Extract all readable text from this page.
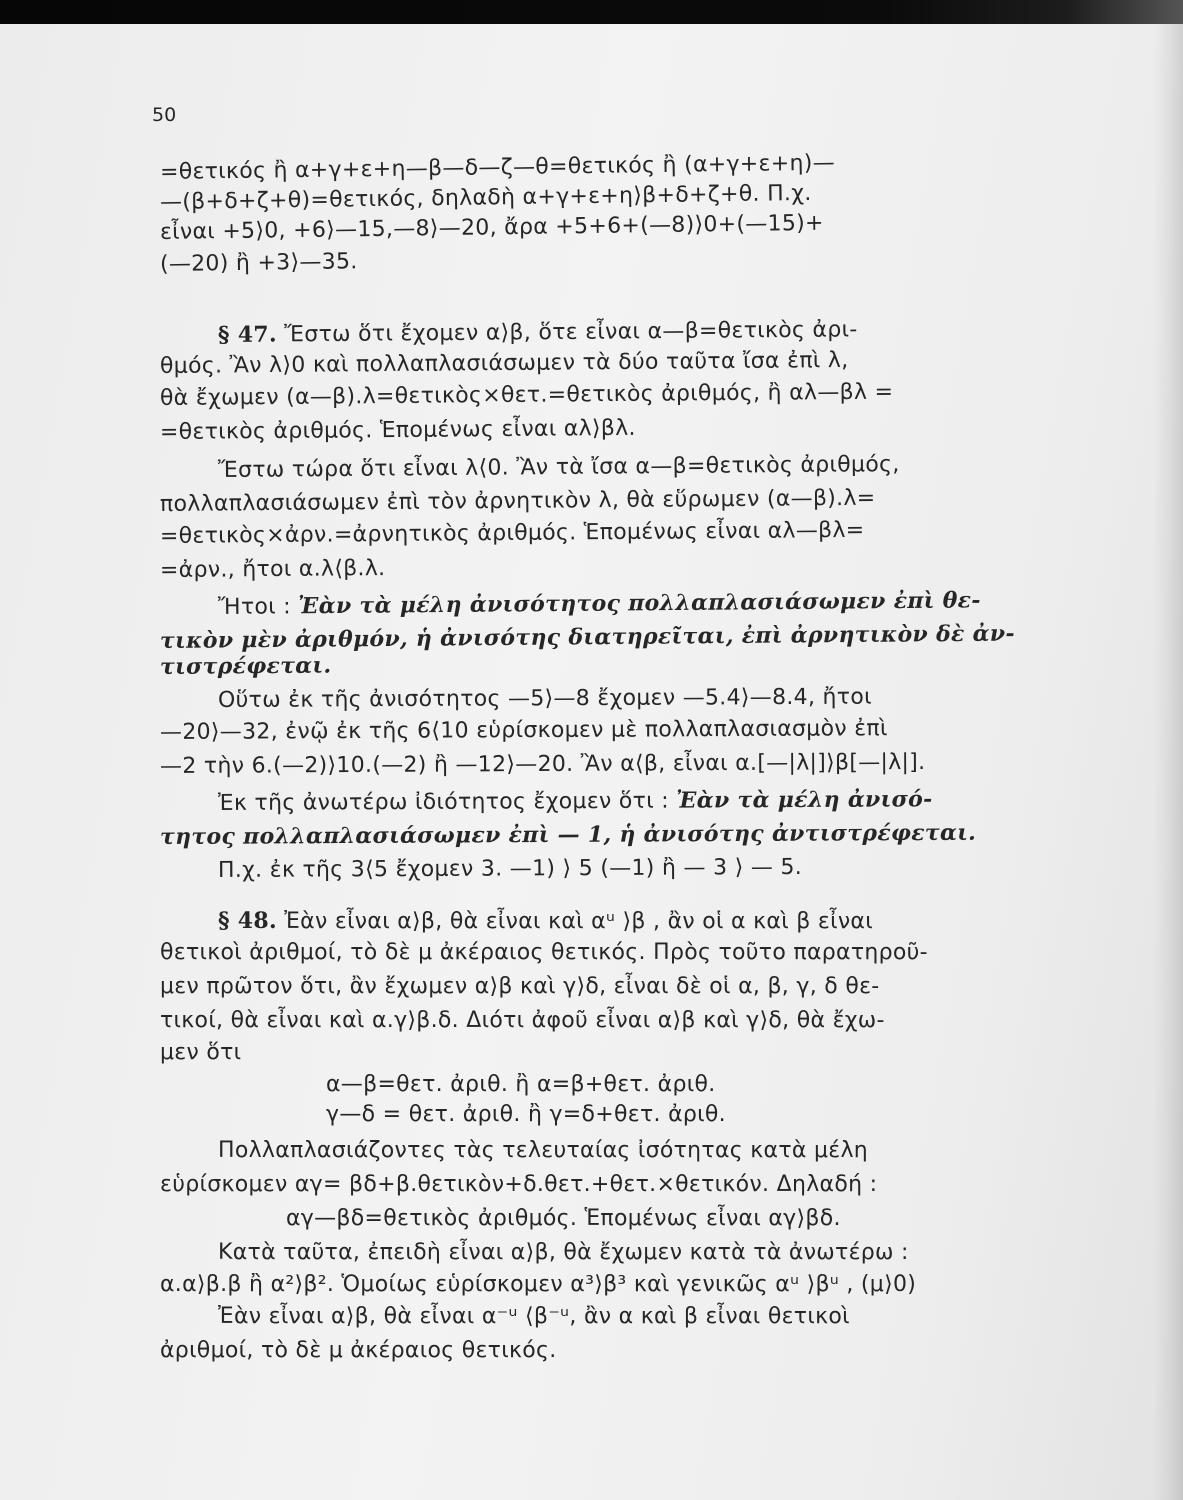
50
=θετικός ἢ α+γ+ε+η—β—δ—ζ—θ=θετικός ἢ (α+γ+ε+η)—
—(β+δ+ζ+θ)=θετικός, δηλαδὴ α+γ+ε+η⟩β+δ+ζ+θ. Π.χ.
εἶναι +5⟩0, +6⟩—15,—8⟩—20, ἄρα +5+6+(—8)⟩0+(—15)+
(—20) ἢ +3⟩—35.
§ 47. Ἔστω ὅτι ἔχομεν α⟩β, ὅτε εἶναι α—β=θετικὸς ἀρι-
θμός. Ἂν λ⟩0 καὶ πολλαπλασιάσωμεν τὰ δύο ταῦτα ἴσα ἐπὶ λ,
θὰ ἔχωμεν (α—β).λ=θετικὸς×θετ.=θετικὸς ἀριθμός, ἢ αλ—βλ =
=θετικὸς ἀριθμός. Ἑπομένως εἶναι αλ⟩βλ.
Ἔστω τώρα ὅτι εἶναι λ⟨0. Ἂν τὰ ἴσα α—β=θετικὸς ἀριθμός,
πολλαπλασιάσωμεν ἐπὶ τὸν ἀρνητικὸν λ, θὰ εὕρωμεν (α—β).λ=
=θετικὸς×ἀρν.=ἀρνητικὸς ἀριθμός. Ἑπομένως εἶναι αλ—βλ=
=ἀρν., ἤτοι α.λ⟨β.λ.
Ἤτοι : Ἐὰν τὰ μέλη ἀνισότητος πολλαπλασιάσωμεν ἐπὶ θε-
τικὸν μὲν ἀριθμόν, ἡ ἀνισότης διατηρεῖται, ἐπὶ ἀρνητικὸν δὲ ἀν-
τιστρέφεται.
Οὕτω ἐκ τῆς ἀνισότητος —5⟩—8 ἔχομεν —5.4⟩—8.4, ἤτοι
—20⟩—32, ἐνῷ ἐκ τῆς 6⟨10 εὑρίσκομεν μὲ πολλαπλασιασμὸν ἐπὶ
—2 τὴν 6.(—2)⟩10.(—2) ἢ —12⟩—20. Ἂν α⟨β, εἶναι α.[—|λ|]⟩β[—|λ|].
Ἐκ τῆς ἀνωτέρω ἰδιότητος ἔχομεν ὅτι : Ἐὰν τὰ μέλη ἀνισό-
τητος πολλαπλασιάσωμεν ἐπὶ — 1, ἡ ἀνισότης ἀντιστρέφεται.
Π.χ. ἐκ τῆς 3⟨5 ἔχομεν 3. —1) ⟩ 5 (—1) ἢ — 3 ⟩ — 5.
§ 48. Ἐὰν εἶναι α⟩β, θὰ εἶναι καὶ αᵘ ⟩β , ἂν οἱ α καὶ β εἶναι
θετικοὶ ἀριθμοί, τὸ δὲ μ ἀκέραιος θετικός. Πρὸς τοῦτο παρατηροῦ-
μεν πρῶτον ὅτι, ἂν ἔχωμεν α⟩β καὶ γ⟩δ, εἶναι δὲ οἱ α, β, γ, δ θε-
τικοί, θὰ εἶναι καὶ α.γ⟩β.δ. Διότι ἀφοῦ εἶναι α⟩β καὶ γ⟩δ, θὰ ἔχω-
μεν ὅτι
α—β=θετ. ἀριθ. ἢ α=β+θετ. ἀριθ.
γ—δ = θετ. ἀριθ. ἢ γ=δ+θετ. ἀριθ.
Πολλαπλασιάζοντες τὰς τελευταίας ἰσότητας κατὰ μέλη
εὑρίσκομεν αγ= βδ+β.θετικὸν+δ.θετ.+θετ.×θετικόν. Δηλαδή :
αγ—βδ=θετικὸς ἀριθμός. Ἑπομένως εἶναι αγ⟩βδ.
Κατὰ ταῦτα, ἐπειδὴ εἶναι α⟩β, θὰ ἔχωμεν κατὰ τὰ ἀνωτέρω :
α.α⟩β.β ἢ α²⟩β². Ὁμοίως εὑρίσκομεν α³⟩β³ καὶ γενικῶς αᵘ ⟩βᵘ , (μ⟩0)
Ἐὰν εἶναι α⟩β, θὰ εἶναι α⁻ᵘ ⟨β⁻ᵘ, ἂν α καὶ β εἶναι θετικοὶ
ἀριθμοί, τὸ δὲ μ ἀκέραιος θετικός.
